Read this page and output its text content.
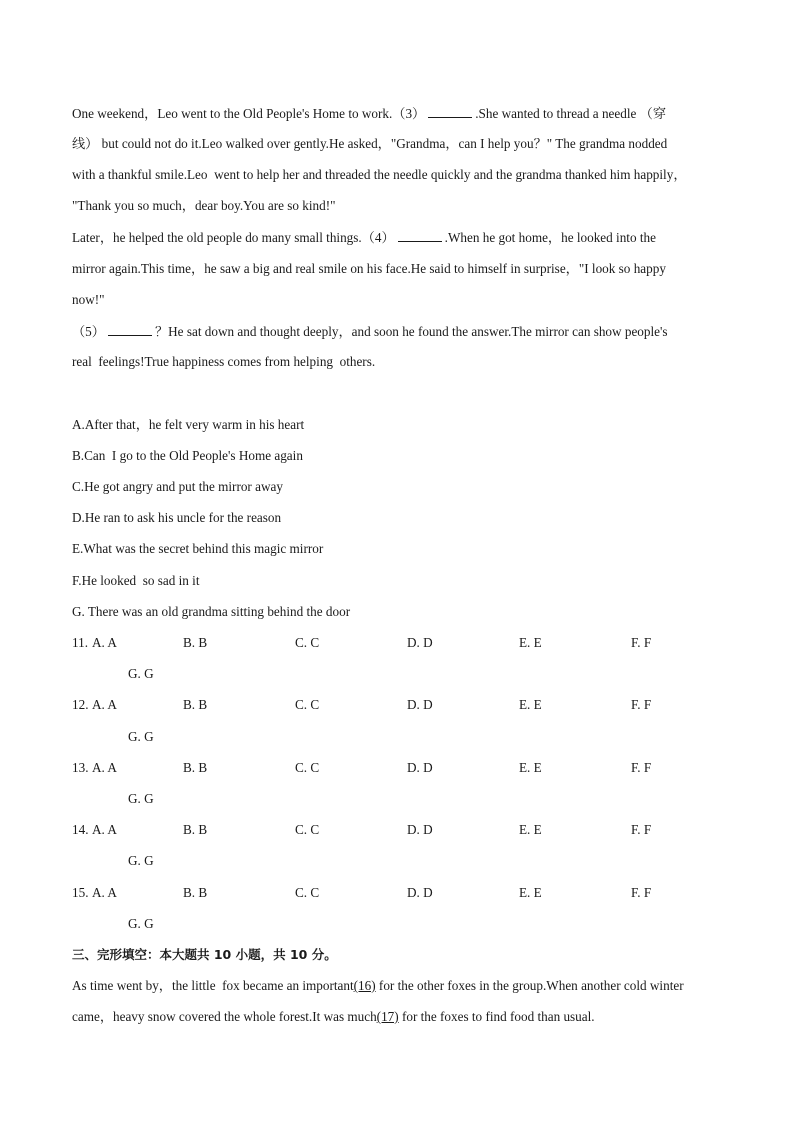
One weekend，Leo went to the Old People's Home to work.（3）	.She wanted to thread a needle （穿
线） but could not do it.Leo walked over gently.He asked，"Grandma，can I help you？" The grandma nodded
with a thankful smile.Leo  went to help her and threaded the needle quickly and the grandma thanked him happily，
"Thank you so much，dear boy.You are so kind!"
Later，he helped the old people do many small things.（4）	.When he got home，he looked into the
mirror again.This time，he saw a big and real smile on his face.He said to himself in surprise，"I look so happy
now!"
（5）	？He sat down and thought deeply，and soon he found the answer.The mirror can show people's
real  feelings!True happiness comes from helping  others.
A.After that，he felt very warm in his heart
B.Can  I go to the Old People's Home again
C.He got angry and put the mirror away
D.He ran to ask his uncle for the reason
E.What was the secret behind this magic mirror
F.He looked  so sad in it
G. There was an old grandma sitting behind the door
11. A. A	B. B	C. C	D. D	E. E	F. F
G. G
12. A. A	B. B	C. C	D. D	E. E	F. F
G. G
13. A. A	B. B	C. C	D. D	E. E	F. F
G. G
14. A. A	B. B	C. C	D. D	E. E	F. F
G. G
15. A. A	B. B	C. C	D. D	E. E	F. F
G. G
三、完形填空：本大题共 10 小题，共 10 分。
As time went by，the little  fox became an important(16) for the other foxes in the group.When another cold winter
came，heavy snow covered the whole forest.It was much(17) for the foxes to find food than usual.
